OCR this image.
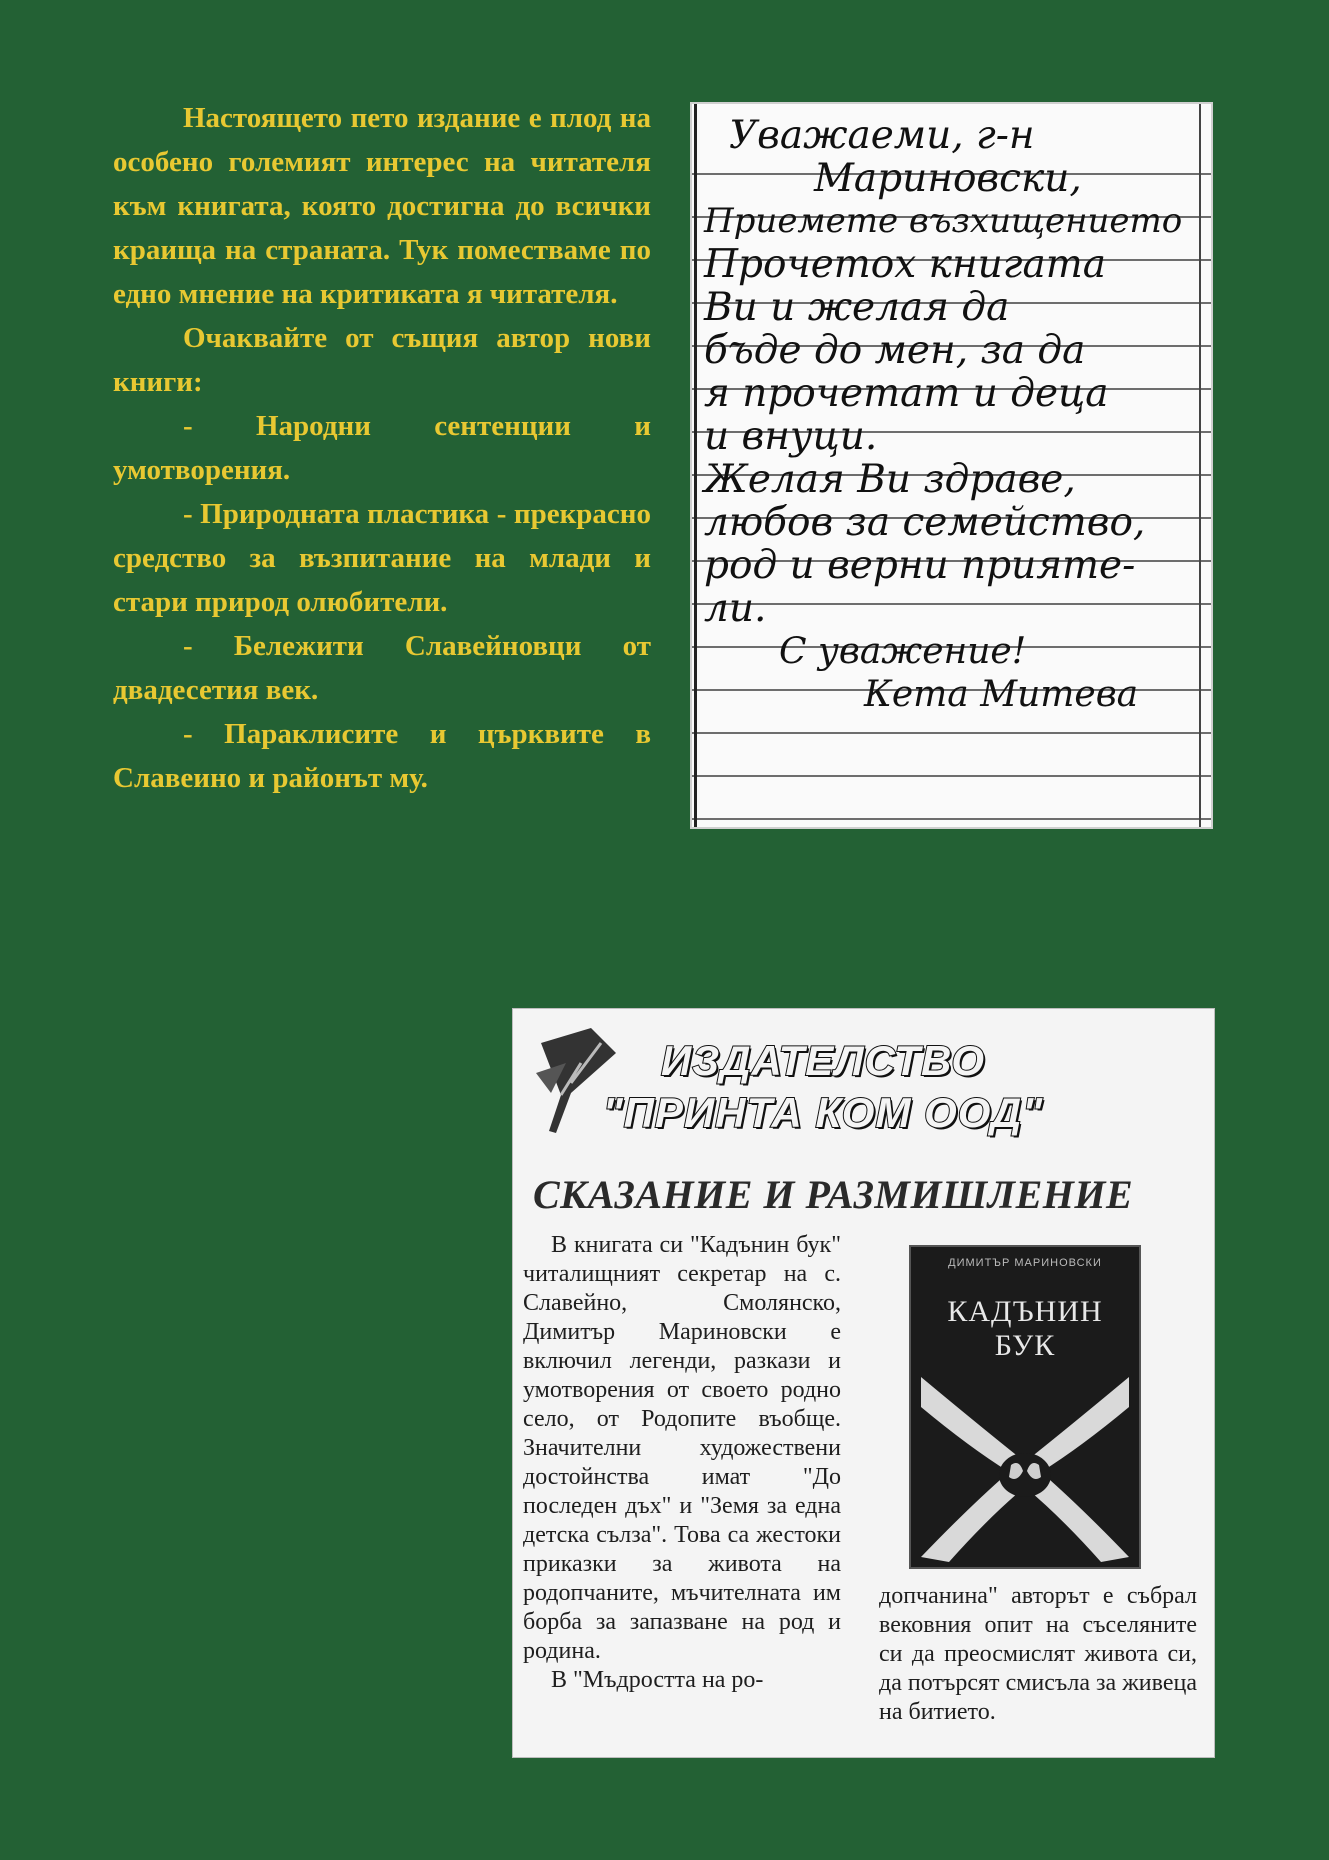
Настоящето пето издание е плод на особено големият интерес на читателя към книгата, която достигна до всички краища на страната. Тук поместваме по едно мнение на критиката я читателя.

Очаквайте от същия автор нови книги:

- Народни сентенции и умотворения.

- Природната пластика - прекрасно средство за възпитание на млади и стари природ олюбители.

- Бележити Славейновци от двадесетия век.

- Параклисите и църквите в Славеино и районът му.

Уважаеми, г-н
Мариновски,
Приемете възхищението
Прочетох книгата
Ви и желая да
бъде до мен, за да
я прочетат и деца
и внуци.
Желая Ви здраве,
любов за семейство,
род и верни прияте-
ли.
С уважение!
Кета Митева
ИЗДАТЕЛСТВО
"ПРИНТА КОМ ООД"
СКАЗАНИЕ И РАЗМИШЛЕНИЕ

В книгата си "Кадънин бук" читалищният секретар на с. Славейно, Смолянско, Димитър Мариновски е включил легенди, разкази и умотворения от своето родно село, от Родопите въобще. Значителни художествени достойнства имат "До последен дъх" и "Земя за една детска сълза". Това са жестоки приказки за живота на родопчаните, мъчителната им борба за запазване на род и родина.

В "Мъдростта на ро-

ДИМИТЪР МАРИНОВСКИ
КАДЪНИН
БУК

допчанина" авторът е събрал вековния опит на съселяните си да преосмислят живота си, да потърсят смисъла за живеца на битието.
